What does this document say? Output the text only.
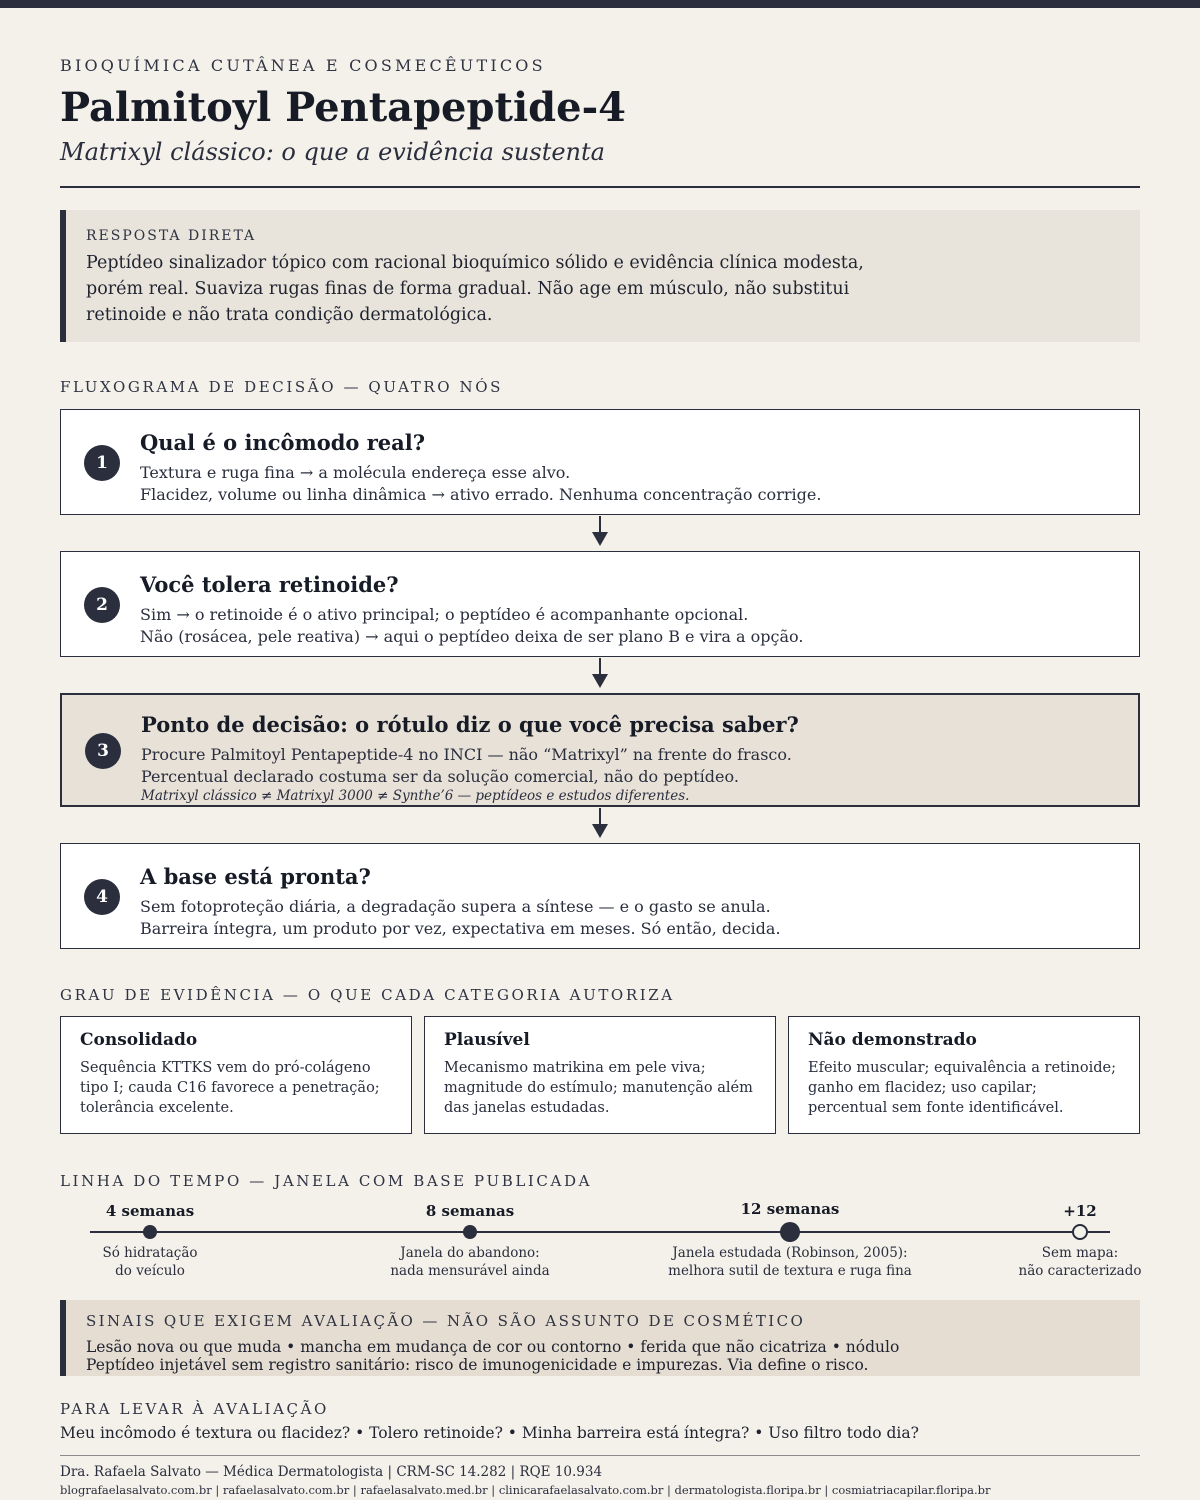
BIOQUÍMICA CUTÂNEA E COSMECÊUTICOS
Palmitoyl Pentapeptide-4
Matrixyl clássico: o que a evidência sustenta
RESPOSTA DIRETA
Peptídeo sinalizador tópico com racional bioquímico sólido e evidência clínica modesta, porém real. Suaviza rugas finas de forma gradual. Não age em músculo, não substitui retinoide e não trata condição dermatológica.
FLUXOGRAMA DE DECISÃO — QUATRO NÓS
1
Qual é o incômodo real?
Textura e ruga fina → a molécula endereça esse alvo.
Flacidez, volume ou linha dinâmica → ativo errado. Nenhuma concentração corrige.
2
Você tolera retinoide?
Sim → o retinoide é o ativo principal; o peptídeo é acompanhante opcional.
Não (rosácea, pele reativa) → aqui o peptídeo deixa de ser plano B e vira a opção.
3
Ponto de decisão: o rótulo diz o que você precisa saber?
Procure Palmitoyl Pentapeptide-4 no INCI — não “Matrixyl” na frente do frasco.
Percentual declarado costuma ser da solução comercial, não do peptídeo.
Matrixyl clássico ≠ Matrixyl 3000 ≠ Synthe’6 — peptídeos e estudos diferentes.
4
A base está pronta?
Sem fotoproteção diária, a degradação supera a síntese — e o gasto se anula.
Barreira íntegra, um produto por vez, expectativa em meses. Só então, decida.
GRAU DE EVIDÊNCIA — O QUE CADA CATEGORIA AUTORIZA
Consolidado
Sequência KTTKS vem do pró-colágeno tipo I; cauda C16 favorece a penetração; tolerância excelente.
Plausível
Mecanismo matrikina em pele viva; magnitude do estímulo; manutenção além das janelas estudadas.
Não demonstrado
Efeito muscular; equivalência a retinoide; ganho em flacidez; uso capilar; percentual sem fonte identificável.
LINHA DO TEMPO — JANELA COM BASE PUBLICADA
4 semanas
Só hidratação
do veículo
8 semanas
Janela do abandono:
nada mensurável ainda
12 semanas
Janela estudada (Robinson, 2005):
melhora sutil de textura e ruga fina
+12
Sem mapa:
não caracterizado
SINAIS QUE EXIGEM AVALIAÇÃO — NÃO SÃO ASSUNTO DE COSMÉTICO
Lesão nova ou que muda • mancha em mudança de cor ou contorno • ferida que não cicatriza • nódulo
Peptídeo injetável sem registro sanitário: risco de imunogenicidade e impurezas. Via define o risco.
PARA LEVAR À AVALIAÇÃO
Meu incômodo é textura ou flacidez? • Tolero retinoide? • Minha barreira está íntegra? • Uso filtro todo dia?
Dra. Rafaela Salvato — Médica Dermatologista | CRM-SC 14.282 | RQE 10.934
blografaelasalvato.com.br | rafaelasalvato.com.br | rafaelasalvato.med.br | clinicarafaelasalvato.com.br | dermatologista.floripa.br | cosmiatriacapilar.floripa.br
